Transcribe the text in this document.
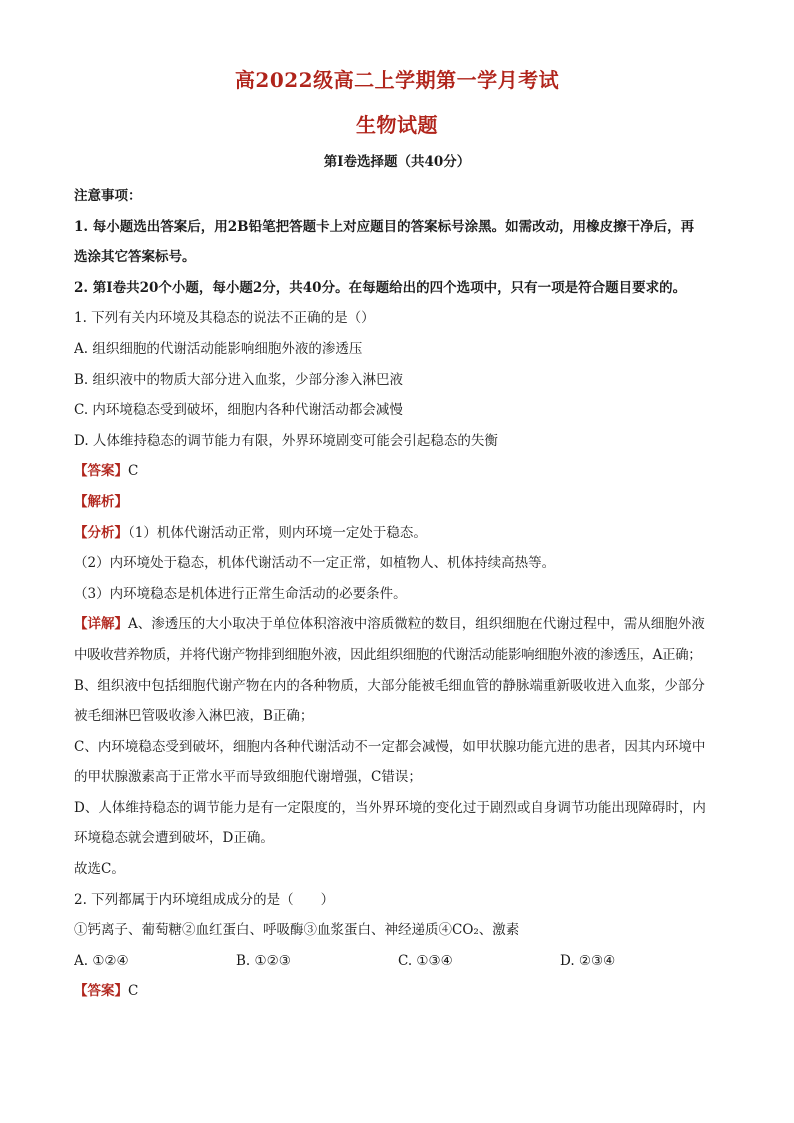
高2022级高二上学期第一学月考试
生物试题
第Ⅰ卷选择题（共40分）
注意事项：
1. 每小题选出答案后，用2B铅笔把答题卡上对应题目的答案标号涂黑。如需改动，用橡皮擦干净后，再
选涂其它答案标号。
2. 第Ⅰ卷共20个小题，每小题2分，共40分。在每题给出的四个选项中，只有一项是符合题目要求的。
1. 下列有关内环境及其稳态的说法不正确的是（）
A. 组织细胞的代谢活动能影响细胞外液的渗透压
B. 组织液中的物质大部分进入血浆，少部分渗入淋巴液
C. 内环境稳态受到破坏，细胞内各种代谢活动都会减慢
D. 人体维持稳态的调节能力有限，外界环境剧变可能会引起稳态的失衡
【答案】C
【解析】
【分析】（1）机体代谢活动正常，则内环境一定处于稳态。
（2）内环境处于稳态，机体代谢活动不一定正常，如植物人、机体持续高热等。
（3）内环境稳态是机体进行正常生命活动的必要条件。
【详解】A、渗透压的大小取决于单位体积溶液中溶质微粒的数目，组织细胞在代谢过程中，需从细胞外液
中吸收营养物质，并将代谢产物排到细胞外液，因此组织细胞的代谢活动能影响细胞外液的渗透压，A正确；
B、组织液中包括细胞代谢产物在内的各种物质，大部分能被毛细血管的静脉端重新吸收进入血浆，少部分
被毛细淋巴管吸收渗入淋巴液，B正确；
C、内环境稳态受到破坏，细胞内各种代谢活动不一定都会减慢，如甲状腺功能亢进的患者，因其内环境中
的甲状腺激素高于正常水平而导致细胞代谢增强，C错误；
D、人体维持稳态的调节能力是有一定限度的，当外界环境的变化过于剧烈或自身调节功能出现障碍时，内
环境稳态就会遭到破坏，D正确。
故选C。
2. 下列都属于内环境组成成分的是（　　）
①钙离子、葡萄糖②血红蛋白、呼吸酶③血浆蛋白、神经递质④CO₂、激素
A. ①②④	B. ①②③	C. ①③④	D. ②③④
【答案】C
